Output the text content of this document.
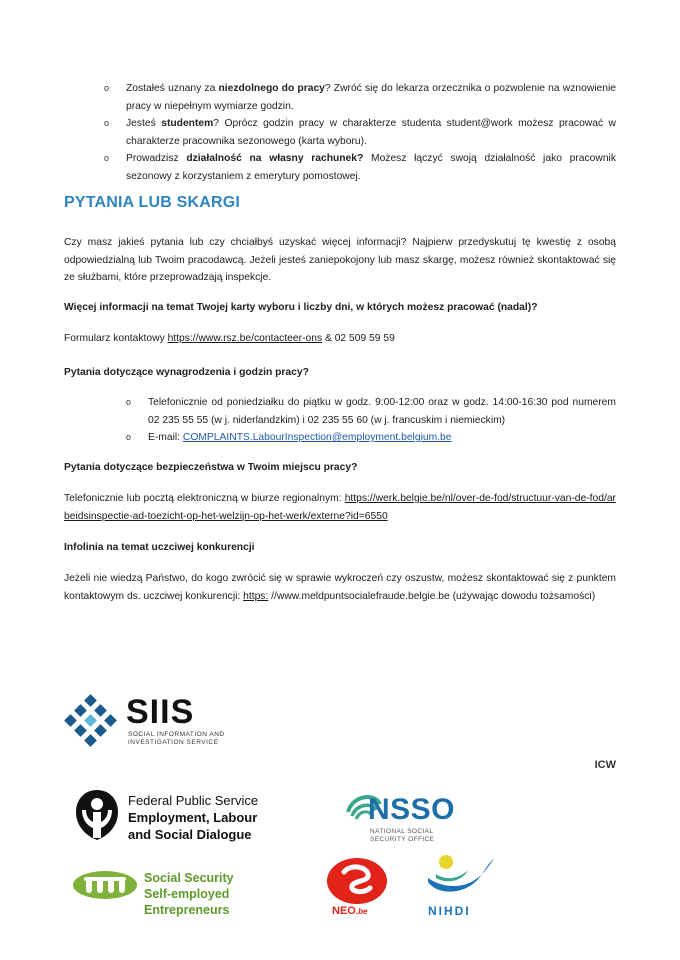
o Zostałeś uznany za niezdolnego do pracy? Zwróć się do lekarza orzecznika o pozwolenie na wznowienie pracy w niepełnym wymiarze godzin.
o Jesteś studentem? Oprócz godzin pracy w charakterze studenta student@work możesz pracować w charakterze pracownika sezonowego (karta wyboru).
o Prowadzisz działalność na własny rachunek? Możesz łączyć swoją działalność jako pracownik sezonowy z korzystaniem z emerytury pomostowej.
PYTANIA LUB SKARGI
Czy masz jakieś pytania lub czy chciałbyś uzyskać więcej informacji? Najpierw przedyskutuj tę kwestię z osobą odpowiedzialną lub Twoim pracodawcą. Jeżeli jesteś zaniepokojony lub masz skargę, możesz również skontaktować się ze służbami, które przeprowadzają inspekcje.
Więcej informacji na temat Twojej karty wyboru i liczby dni, w których możesz pracować (nadal)?
Formularz kontaktowy https://www.rsz.be/contacteer-ons & 02 509 59 59
Pytania dotyczące wynagrodzenia i godzin pracy?
o Telefonicznie od poniedziałku do piątku w godz. 9:00-12:00 oraz w godz. 14:00-16:30 pod numerem 02 235 55 55 (w j. niderlandzkim) i 02 235 55 60 (w j. francuskim i niemieckim)
o E-mail: COMPLAINTS.LabourInspection@employment.belgium.be
Pytania dotyczące bezpieczeństwa w Twoim miejscu pracy?
Telefonicznie lub pocztą elektroniczną w biurze regionalnym: https://werk.belgie.be/nl/over-de-fod/structuur-van-de-fod/arbeidsinspectie-ad-toezicht-op-het-welzijn-op-het-werk/externe?id=6550
Infolinia na temat uczciwej konkurencji
Jeżeli nie wiedzą Państwo, do kogo zwrócić się w sprawie wykroczeń czy oszustw, możesz skontaktować się z punktem kontaktowym ds. uczciwej konkurencji: https: //www.meldpuntsocialefraude.belgie.be (używając dowodu tożsamości)
SIIS
SOCIAL INFORMATION AND
INVESTIGATION SERVICE
ICW
Federal Public Service
Employment, Labour
and Social Dialogue
NSSO
NATIONAL SOCIAL
SECURITY OFFICE
Social Security
Self-employed Entrepreneurs	NEO.be	NIHDI
